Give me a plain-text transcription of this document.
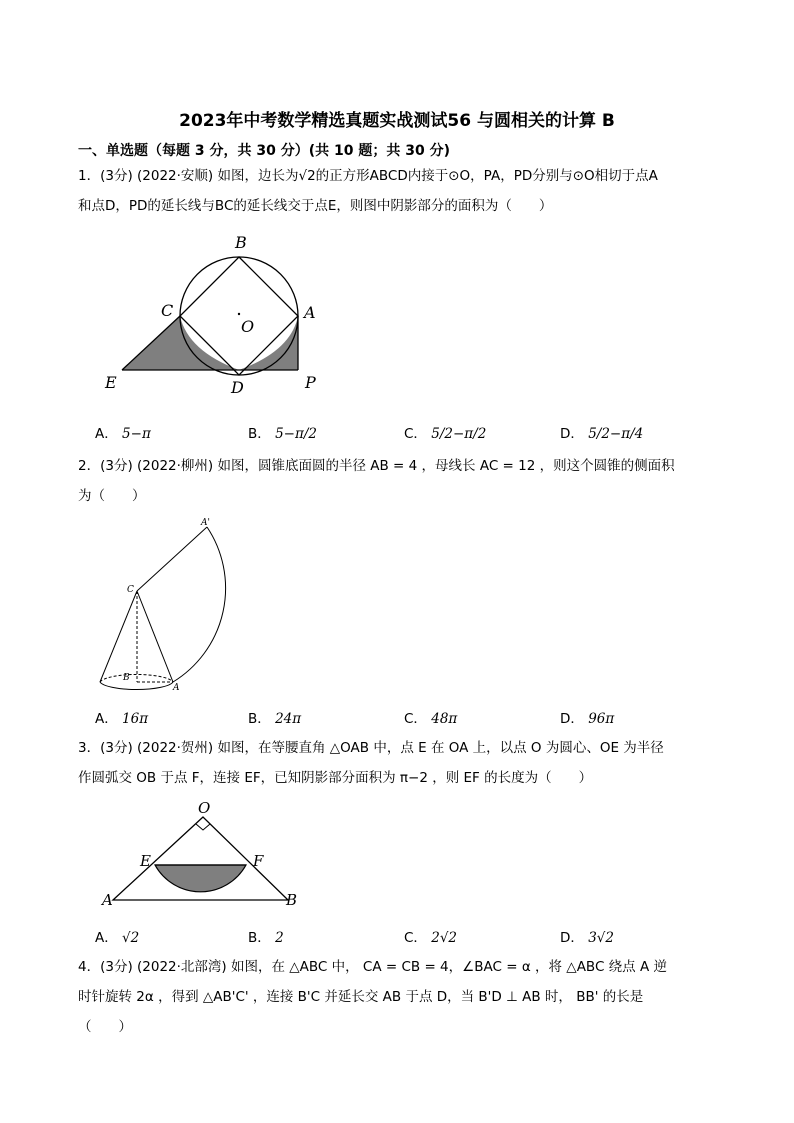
2023年中考数学精选真题实战测试56 与圆相关的计算 B
一、单选题（每题 3 分，共 30 分）(共 10 题；共 30 分)
1．(3分) (2022·安顺) 如图，边长为√2的正方形ABCD内接于⊙O，PA，PD分别与⊙O相切于点A
和点D，PD的延长线与BC的延长线交于点E，则图中阴影部分的面积为（　　）
B
C	A
O
E	D	P
A． 5−π	B． 5−π/2	C． 5/2−π/2	D． 5/2−π/4
2．(3分) (2022·柳州) 如图，圆锥底面圆的半径 AB = 4 ，母线长 AC = 12 ，则这个圆锥的侧面积
为（　　）
A'
C
B
A
A． 16π	B． 24π	C． 48π	D． 96π
3．(3分) (2022·贺州) 如图，在等腰直角 △OAB 中，点 E 在 OA 上，以点 O 为圆心、OE 为半径
作圆弧交 OB 于点 F，连接 EF，已知阴影部分面积为 π−2 ，则 EF 的长度为（　　）
O
E	F
A	B
A． √2	B． 2	C． 2√2	D． 3√2
4．(3分) (2022·北部湾) 如图，在 △ABC 中， CA = CB = 4，∠BAC = α ，将 △ABC 绕点 A 逆
时针旋转 2α ，得到 △AB'C' ，连接 B'C 并延长交 AB 于点 D，当 B'D ⊥ AB 时， BB' 的长是
（　　）
